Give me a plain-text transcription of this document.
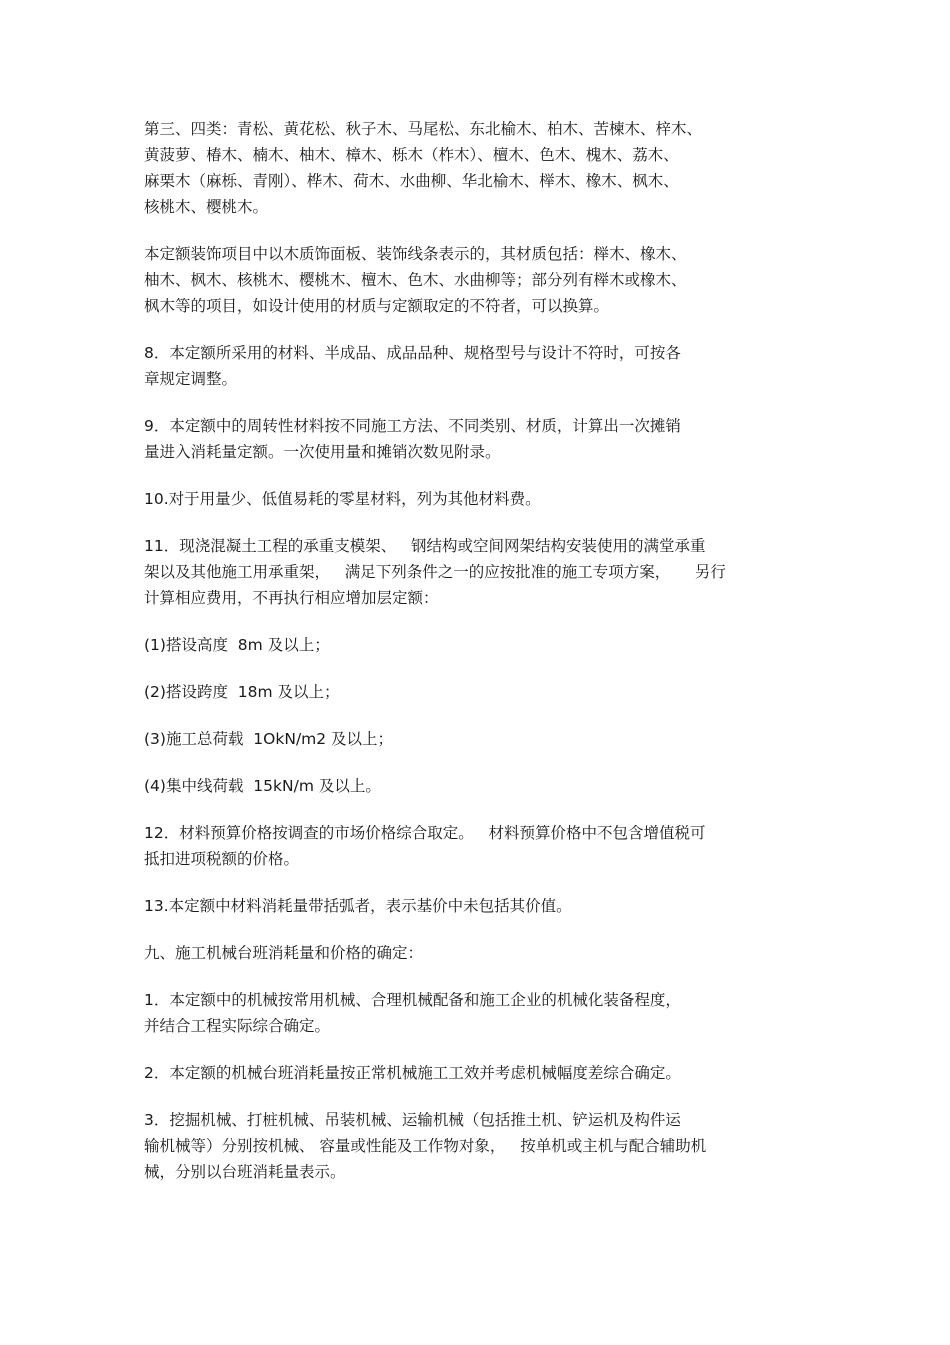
第三、四类：青松、黄花松、秋子木、马尾松、东北榆木、柏木、苦楝木、梓木、
黄菠萝、椿木、楠木、柚木、樟木、栎木（柞木）、檀木、色木、槐木、荔木、
麻栗木（麻栎、青刚）、桦木、荷木、水曲柳、华北榆木、榉木、橡木、枫木、
核桃木、樱桃木。
本定额装饰项目中以木质饰面板、装饰线条表示的，其材质包括：榉木、橡木、
柚木、枫木、核桃木、樱桃木、檀木、色木、水曲柳等；部分列有榉木或橡木、
枫木等的项目，如设计使用的材质与定额取定的不符者，可以换算。
8．本定额所采用的材料、半成品、成品品种、规格型号与设计不符时，可按各
章规定调整。
9．本定额中的周转性材料按不同施工方法、不同类别、材质，计算出一次摊销
量进入消耗量定额。一次使用量和摊销次数见附录。
10.对于用量少、低值易耗的零星材料，列为其他材料费。
11．现浇混凝土工程的承重支模架、   钢结构或空间网架结构安装使用的满堂承重
架以及其他施工用承重架，   满足下列条件之一的应按批准的施工专项方案，     另行
计算相应费用，不再执行相应增加层定额：
(1)搭设高度  8m 及以上；
(2)搭设跨度  18m 及以上；
(3)施工总荷载  1OkN/m2 及以上；
(4)集中线荷载  15kN/m 及以上。
12．材料预算价格按调查的市场价格综合取定。   材料预算价格中不包含增值税可
抵扣进项税额的价格。
13.本定额中材料消耗量带括弧者，表示基价中未包括其价值。
九、施工机械台班消耗量和价格的确定：
1．本定额中的机械按常用机械、合理机械配备和施工企业的机械化装备程度，
并结合工程实际综合确定。
2．本定额的机械台班消耗量按正常机械施工工效并考虑机械幅度差综合确定。
3．挖掘机械、打桩机械、吊装机械、运输机械（包括推土机、铲运机及构件运
输机械等）分别按机械、 容量或性能及工作物对象，   按单机或主机与配合辅助机
械，分别以台班消耗量表示。
